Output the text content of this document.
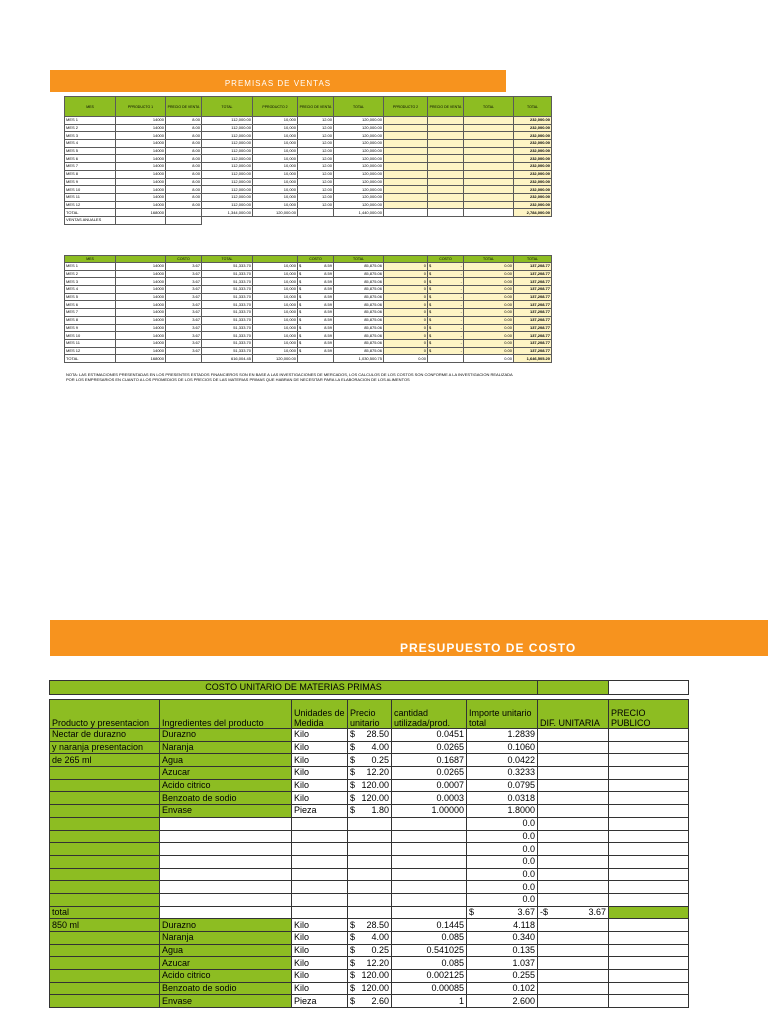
PREMISAS DE VENTAS
MES	PPRODUCTO 1	PRECIO DE VENTA	TOTAL	PPRODUCTO 2	PRECIO DE VENTA	TOTAL	PPRODUCTO 2	PRECIO DE VENTA	TOTAL	TOTAL
MES 1	14000	8.00	112,000.00	10,000	12.00	120,000.00				232,000.00
MES 2	14000	8.00	112,000.00	10,000	12.00	120,000.00				232,000.00
MES 3	14000	8.00	112,000.00	10,000	12.00	120,000.00				232,000.00
MES 4	14000	8.00	112,000.00	10,000	12.00	120,000.00				232,000.00
MES 5	14000	8.00	112,000.00	10,000	12.00	120,000.00				232,000.00
MES 6	14000	8.00	112,000.00	10,000	12.00	120,000.00				232,000.00
MES 7	14000	8.00	112,000.00	10,000	12.00	120,000.00				232,000.00
MES 8	14000	8.00	112,000.00	10,000	12.00	120,000.00				232,000.00
MES 9	14000	8.00	112,000.00	10,000	12.00	120,000.00				232,000.00
MES 10	14000	8.00	112,000.00	10,000	12.00	120,000.00				232,000.00
MES 11	14000	8.00	112,000.00	10,000	12.00	120,000.00				232,000.00
MES 12	14000	8.00	112,000.00	10,000	12.00	120,000.00				232,000.00
TOTAL	168000		1,344,000.00	120,000.00		1,440,000.00				2,784,000.00
VENTAS ANUALES										
MES		COSTO	TOTAL		COSTO	TOTAL		COSTO	TOTAL	TOTAL
MES 1	14000	3.67	51,333.70	10,000	$ 8.59	85,875.06	0	$ -	0.00	137,208.77
MES 2	14000	3.67	51,333.70	10,000	$ 8.59	85,875.06	0	$ -	0.00	137,208.77
MES 3	14000	3.67	51,333.70	10,000	$ 8.59	85,875.06	0	$ -	0.00	137,208.77
MES 4	14000	3.67	51,333.70	10,000	$ 8.59	85,875.06	0	$ -	0.00	137,208.77
MES 5	14000	3.67	51,333.70	10,000	$ 8.59	85,875.06	0	$ -	0.00	137,208.77
MES 6	14000	3.67	51,333.70	10,000	$ 8.59	85,875.06	0	$ -	0.00	137,208.77
MES 7	14000	3.67	51,333.70	10,000	$ 8.59	85,875.06	0	$ -	0.00	137,208.77
MES 8	14000	3.67	51,333.70	10,000	$ 8.59	85,875.06	0	$ -	0.00	137,208.77
MES 9	14000	3.67	51,333.70	10,000	$ 8.59	85,875.06	0	$ -	0.00	137,208.77
MES 10	14000	3.67	51,333.70	10,000	$ 8.59	85,875.06	0	$ -	0.00	137,208.77
MES 11	14000	3.67	51,333.70	10,000	$ 8.59	85,875.06	0	$ -	0.00	137,208.77
MES 12	14000	3.67	51,333.70	10,000	$ 8.59	85,875.06	0	$ -	0.00	137,208.77
TOTAL	168000		616,004.45	120,000.00		1,030,500.75	0.00		0.00	1,646,505.20
NOTA: LAS ESTIMACIONES PRESENTADAS EN LOS PRESENTES ESTADOS FINANCIEROS SON EN BASE A LAS INVESTIGACIONES DE MERCADOS, LOS CALCULOS DE LOS COSTOS SON CONFORME A LA INVESTIGACION REALIZADA POR LOS EMPRESARIOS EN CUANTO A LOS PROMEDIOS DE LOS PRECIOS DE LAS MATERIAS PRIMAS QUE HABRAN DE NECESITAR PARA LA ELABORACION DE LOS ALIMENTOS
PRESUPUESTO DE COSTO
COSTO UNITARIO DE MATERIAS PRIMAS							

Producto y presentacion	Ingredientes del producto	Unidades de Medida	Precio unitario	cantidad utilizada/prod.	Importe unitario total	DIF. UNITARIA	PRECIO PUBLICO
Nectar de durazno	Durazno	Kilo	$ 28.50	0.0451	1.2839		
y naranja presentacion	Naranja	Kilo	$ 4.00	0.0265	0.1060		
de 265 ml	Agua	Kilo	$ 0.25	0.1687	0.0422		
	Azucar	Kilo	$ 12.20	0.0265	0.3233		
	Acido citrico	Kilo	$ 120.00	0.0007	0.0795		
	Benzoato de sodio	Kilo	$ 120.00	0.0003	0.0318		
	Envase	Pieza	$ 1.80	1.00000	1.8000		
					0.0		
					0.0		
					0.0		
					0.0		
					0.0		
					0.0		
					0.0		
total					$ 3.67	-$ 3.67	

850 ml	Durazno	Kilo	$ 28.50	0.1445	4.118		
	Naranja	Kilo	$ 4.00	0.085	0.340		
	Agua	Kilo	$ 0.25	0.541025	0.135		
	Azucar	Kilo	$ 12.20	0.085	1.037		
	Acido citrico	Kilo	$ 120.00	0.002125	0.255		
	Benzoato de sodio	Kilo	$ 120.00	0.00085	0.102		
	Envase	Pieza	$ 2.60	1	2.600		
